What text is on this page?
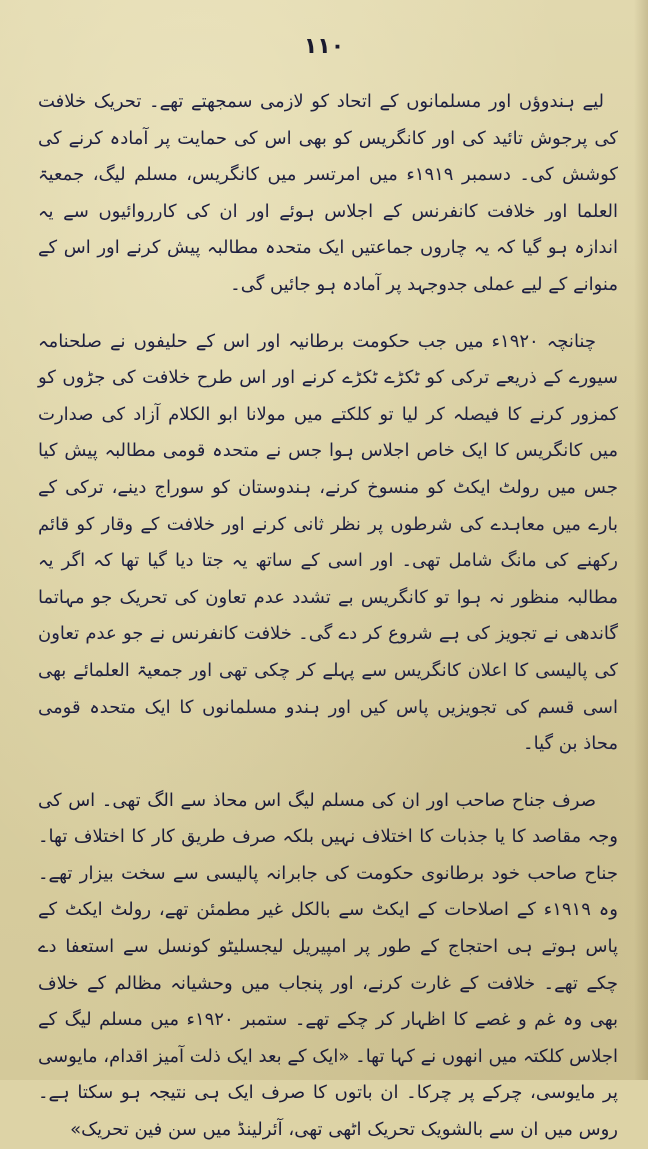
۱۱۰

لیے ہندوؤں اور مسلمانوں کے اتحاد کو لازمی سمجھتے تھے۔ تحریک خلافت کی پرجوش تائید کی اور کانگریس کو بھی اس کی حمایت پر آمادہ کرنے کی کوشش کی۔ دسمبر ۱۹۱۹ء میں امرتسر میں کانگریس، مسلم لیگ، جمعیۃ العلما اور خلافت کانفرنس کے اجلاس ہوئے اور ان کی کارروائیوں سے یہ اندازہ ہو گیا کہ یہ چاروں جماعتیں ایک متحدہ مطالبہ پیش کرنے اور اس کے منوانے کے لیے عملی جدوجہد پر آمادہ ہو جائیں گی۔

چنانچہ ۱۹۲۰ء میں جب حکومت برطانیہ اور اس کے حلیفوں نے صلحنامہ سیورے کے ذریعے ترکی کو ٹکڑے ٹکڑے کرنے اور اس طرح خلافت کی جڑوں کو کمزور کرنے کا فیصلہ کر لیا تو کلکتے میں مولانا ابو الکلام آزاد کی صدارت میں کانگریس کا ایک خاص اجلاس ہوا جس نے متحدہ قومی مطالبہ پیش کیا جس میں رولٹ ایکٹ کو منسوخ کرنے، ہندوستان کو سوراج دینے، ترکی کے بارے میں معاہدے کی شرطوں پر نظر ثانی کرنے اور خلافت کے وقار کو قائم رکھنے کی مانگ شامل تھی۔ اور اسی کے ساتھ یہ جتا دیا گیا تھا کہ اگر یہ مطالبہ منظور نہ ہوا تو کانگریس بے تشدد عدم تعاون کی تحریک جو مہاتما گاندھی نے تجویز کی ہے شروع کر دے گی۔ خلافت کانفرنس نے جو عدم تعاون کی پالیسی کا اعلان کانگریس سے پہلے کر چکی تھی اور جمعیۃ العلمائے بھی اسی قسم کی تجویزیں پاس کیں اور ہندو مسلمانوں کا ایک متحدہ قومی محاذ بن گیا۔

صرف جناح صاحب اور ان کی مسلم لیگ اس محاذ سے الگ تھی۔ اس کی وجہ مقاصد کا یا جذبات کا اختلاف نہیں بلکہ صرف طریق کار کا اختلاف تھا۔ جناح صاحب خود برطانوی حکومت کی جابرانہ پالیسی سے سخت بیزار تھے۔ وہ ۱۹۱۹ء کے اصلاحات کے ایکٹ سے بالکل غیر مطمئن تھے، رولٹ ایکٹ کے پاس ہوتے ہی احتجاج کے طور پر امپیریل لیجسلیٹو کونسل سے استعفا دے چکے تھے۔ خلافت کے غارت کرنے، اور پنجاب میں وحشیانہ مظالم کے خلاف بھی وہ غم و غصے کا اظہار کر چکے تھے۔ ستمبر ۱۹۲۰ء میں مسلم لیگ کے اجلاس کلکتہ میں انھوں نے کہا تھا۔ «ایک کے بعد ایک ذلت آمیز اقدام، مایوسی پر مایوسی، چرکے پر چرکا۔ ان باتوں کا صرف ایک ہی نتیجہ ہو سکتا ہے۔ روس میں ان سے بالشویک تحریک اٹھی تھی، آئرلینڈ میں سن فین تحریک»
